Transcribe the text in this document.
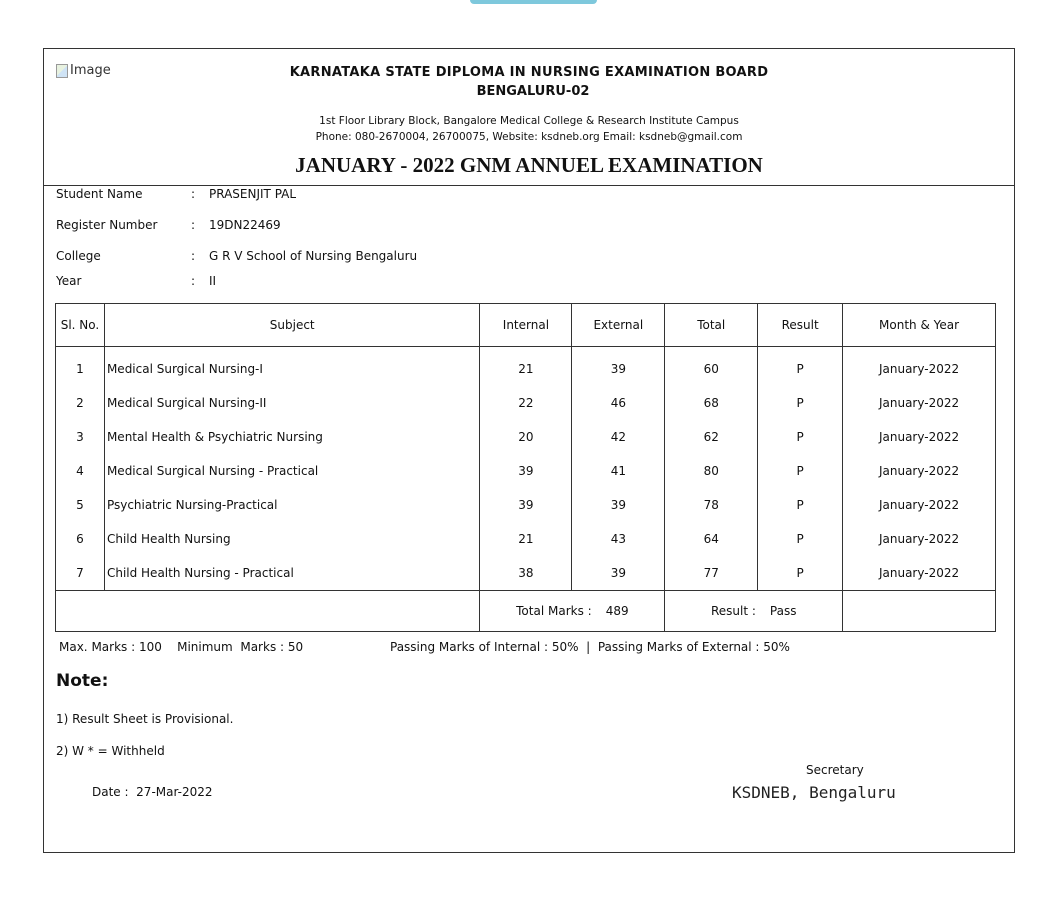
Image	KARNATAKA STATE DIPLOMA IN NURSING EXAMINATION BOARD
BENGALURU-02
1st Floor Library Block, Bangalore Medical College & Research Institute Campus
Phone: 080-2670004, 26700075, Website: ksdneb.org Email: ksdneb@gmail.com
JANUARY - 2022 GNM ANNUEL EXAMINATION
Student Name	:	PRASENJIT PAL
Register Number	:	19DN22469
College	:	G R V School of Nursing Bengaluru
Year	:	II
Sl. No.	Subject	Internal	External	Total	Result	Month & Year
1	Medical Surgical Nursing-I	21	39	60	P	January-2022
2	Medical Surgical Nursing-II	22	46	68	P	January-2022
3	Mental Health & Psychiatric Nursing	20	42	62	P	January-2022
4	Medical Surgical Nursing - Practical	39	41	80	P	January-2022
5	Psychiatric Nursing-Practical	39	39	78	P	January-2022
6	Child Health Nursing	21	43	64	P	January-2022
7	Child Health Nursing - Practical	38	39	77	P	January-2022
		Total Marks : 489		Result : Pass		
Max. Marks : 100    Minimum  Marks : 50	Passing Marks of Internal : 50%  |  Passing Marks of External : 50%
Note:
1) Result Sheet is Provisional.
2) W * = Withheld
Date :  27-Mar-2022
Secretary
KSDNEB, Bengaluru
